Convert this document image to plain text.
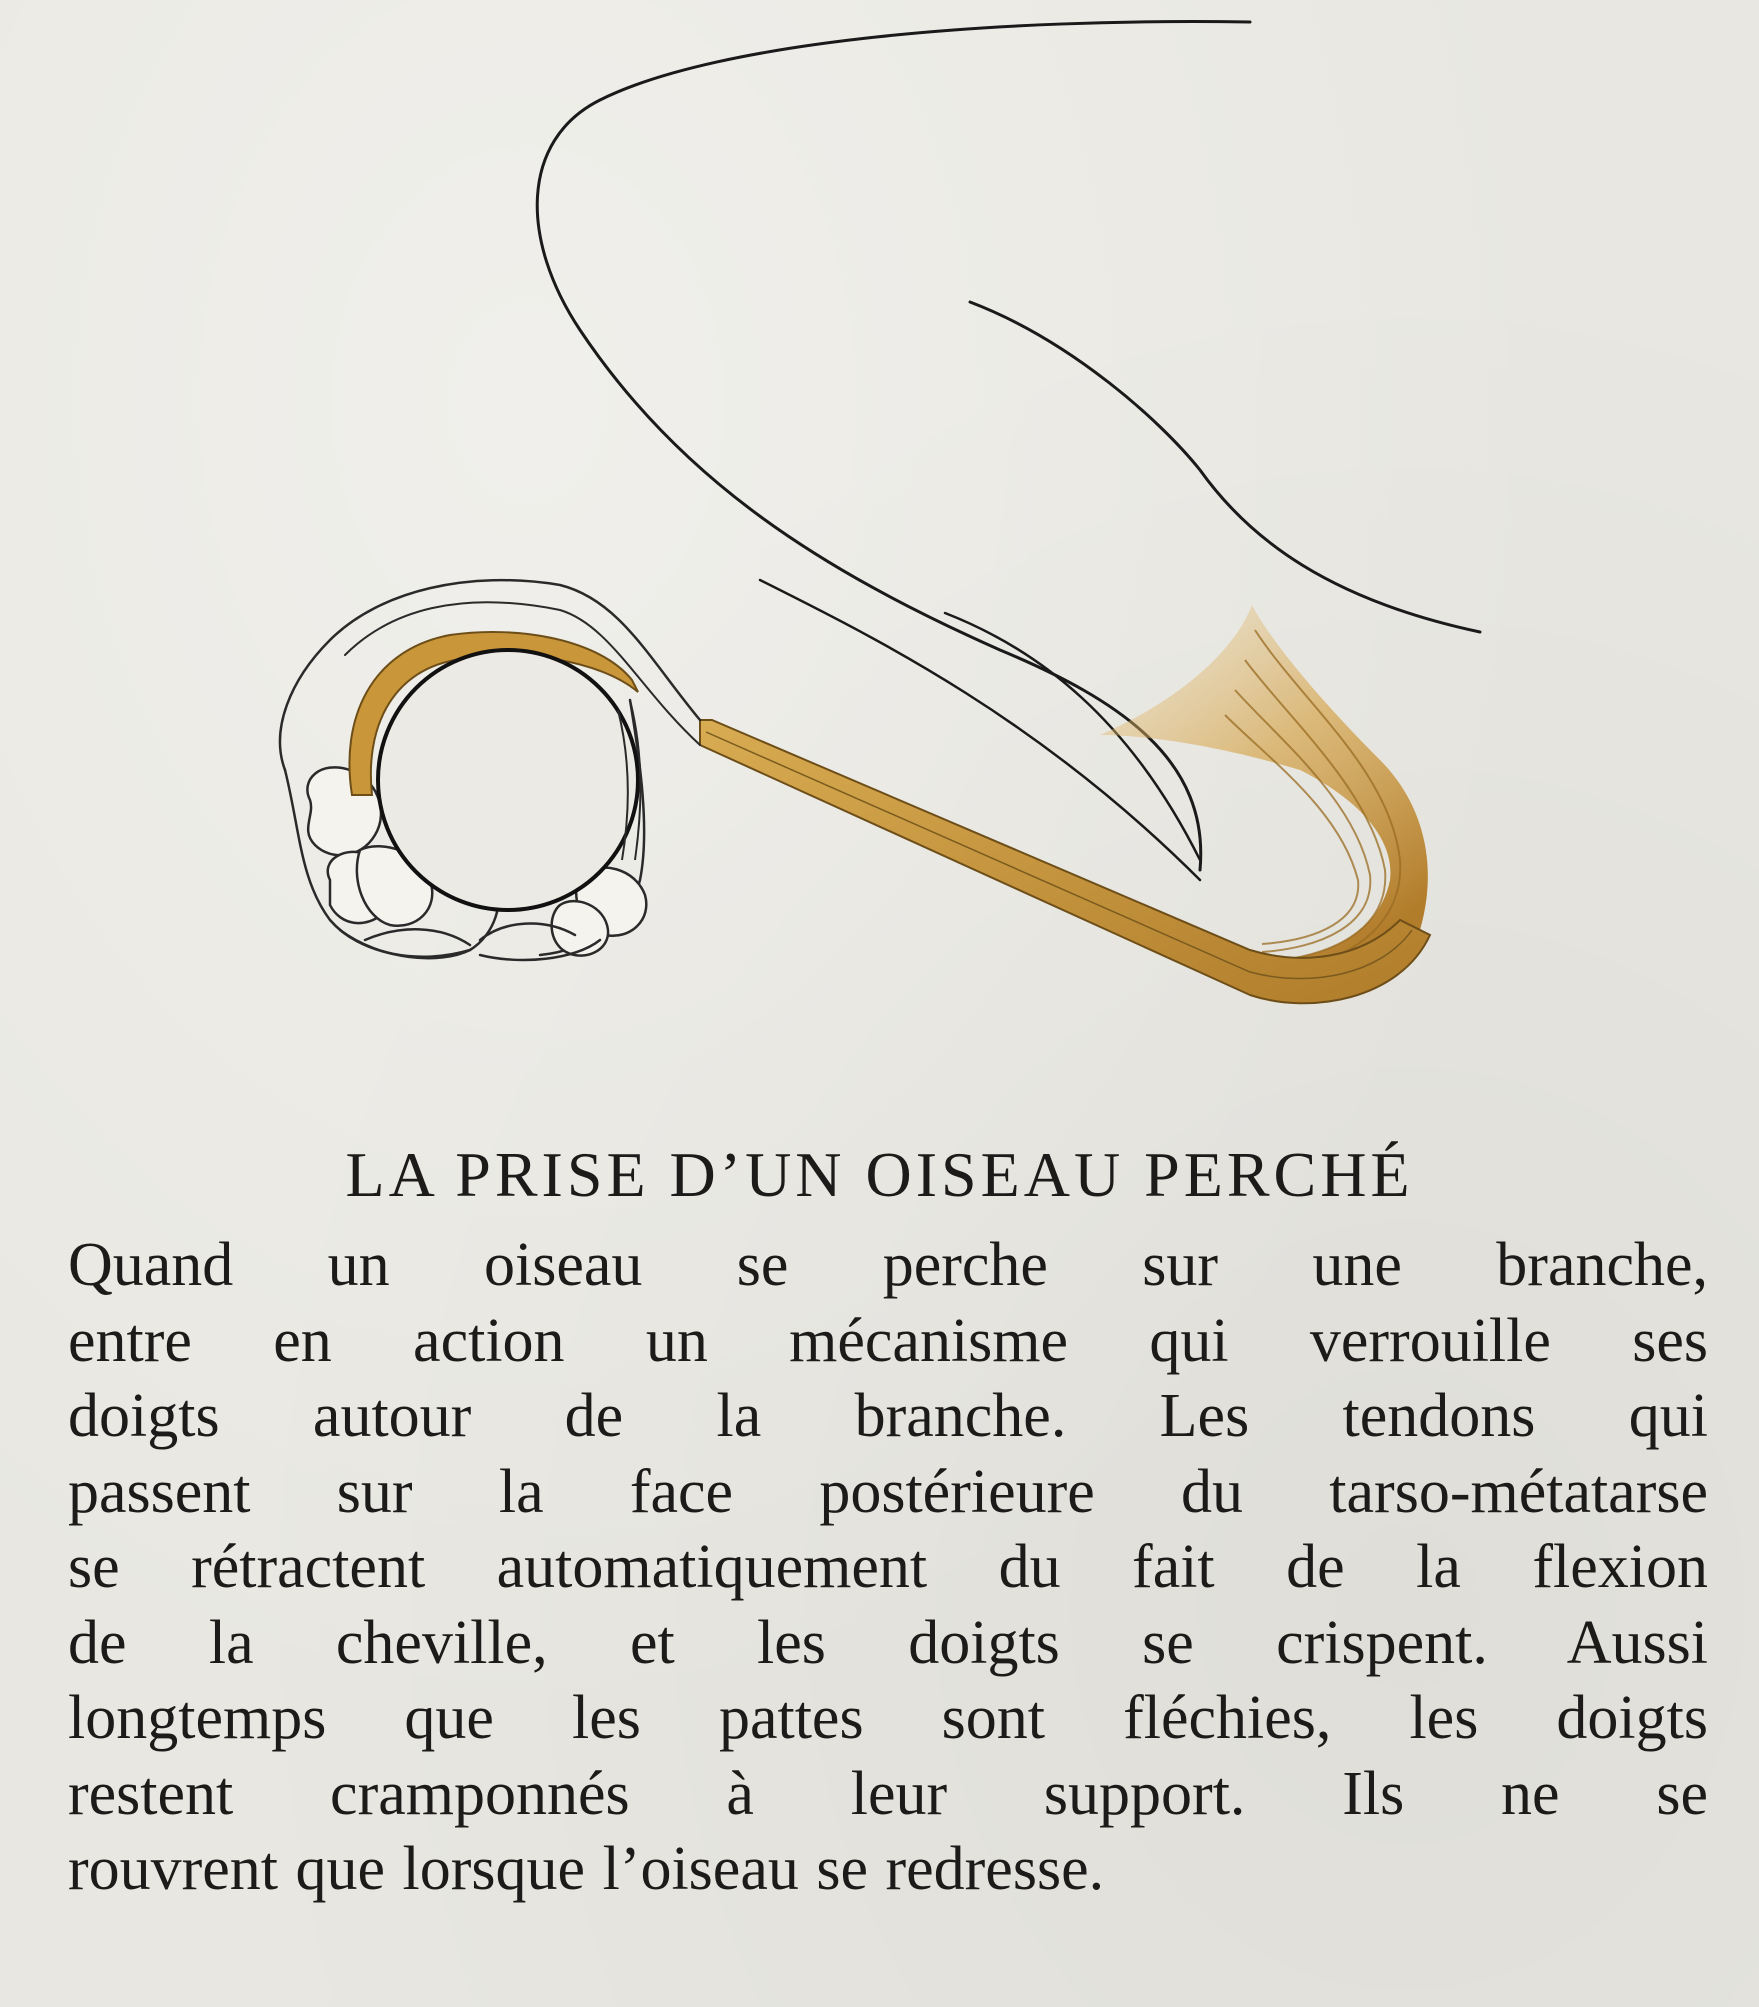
LA PRISE D’UN OISEAU PERCHÉ

Quand un oiseau se perche sur une branche,
entre en action un mécanisme qui verrouille ses
doigts autour de la branche. Les tendons qui
passent sur la face postérieure du tarso-métatarse
se rétractent automatiquement du fait de la flexion
de la cheville, et les doigts se crispent. Aussi
longtemps que les pattes sont fléchies, les doigts
restent cramponnés à leur support. Ils ne se
rouvrent que lorsque l’oiseau se redresse.
